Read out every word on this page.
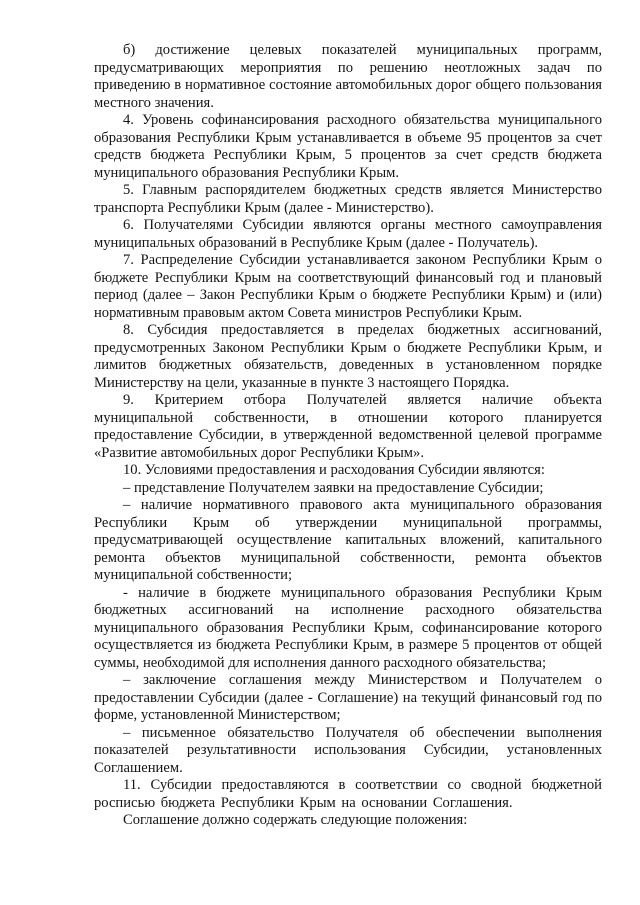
б) достижение целевых показателей муниципальных программ, предусматривающих мероприятия по решению неотложных задач по приведению в нормативное состояние автомобильных дорог общего пользования местного значения.

4. Уровень софинансирования расходного обязательства муниципального образования Республики Крым устанавливается в объеме 95 процентов за счет средств бюджета Республики Крым, 5 процентов за счет средств бюджета муниципального образования Республики Крым.

5. Главным распорядителем бюджетных средств является Министерство транспорта Республики Крым (далее - Министерство).

6. Получателями Субсидии являются органы местного самоуправления муниципальных образований в Республике Крым (далее - Получатель).

7. Распределение Субсидии устанавливается законом Республики Крым о бюджете Республики Крым на соответствующий финансовый год и плановый период (далее – Закон Республики Крым о бюджете Республики Крым) и (или) нормативным правовым актом Совета министров Республики Крым.

8. Субсидия предоставляется в пределах бюджетных ассигнований, предусмотренных Законом Республики Крым о бюджете Республики Крым, и лимитов бюджетных обязательств, доведенных в установленном порядке Министерству на цели, указанные в пункте 3 настоящего Порядка.

9. Критерием отбора Получателей является наличие объекта муниципальной собственности, в отношении которого планируется предоставление Субсидии, в утвержденной ведомственной целевой программе «Развитие автомобильных дорог Республики Крым».

10. Условиями предоставления и расходования Субсидии являются:

– представление Получателем заявки на предоставление Субсидии;

– наличие нормативного правового акта муниципального образования Республики Крым об утверждении муниципальной программы, предусматривающей осуществление капитальных вложений, капитального ремонта объектов муниципальной собственности, ремонта объектов муниципальной собственности;

- наличие в бюджете муниципального образования Республики Крым бюджетных ассигнований на исполнение расходного обязательства муниципального образования Республики Крым, софинансирование которого осуществляется из бюджета Республики Крым, в размере 5 процентов от общей суммы, необходимой для исполнения данного расходного обязательства;

– заключение соглашения между Министерством и Получателем о предоставлении Субсидии (далее - Соглашение) на текущий финансовый год по форме, установленной Министерством;

– письменное обязательство Получателя об обеспечении выполнения показателей результативности использования Субсидии, установленных Соглашением.

11. Субсидии предоставляются в соответствии со сводной бюджетной росписью бюджета Республики Крым на основании Соглашения.

Соглашение должно содержать следующие положения:
